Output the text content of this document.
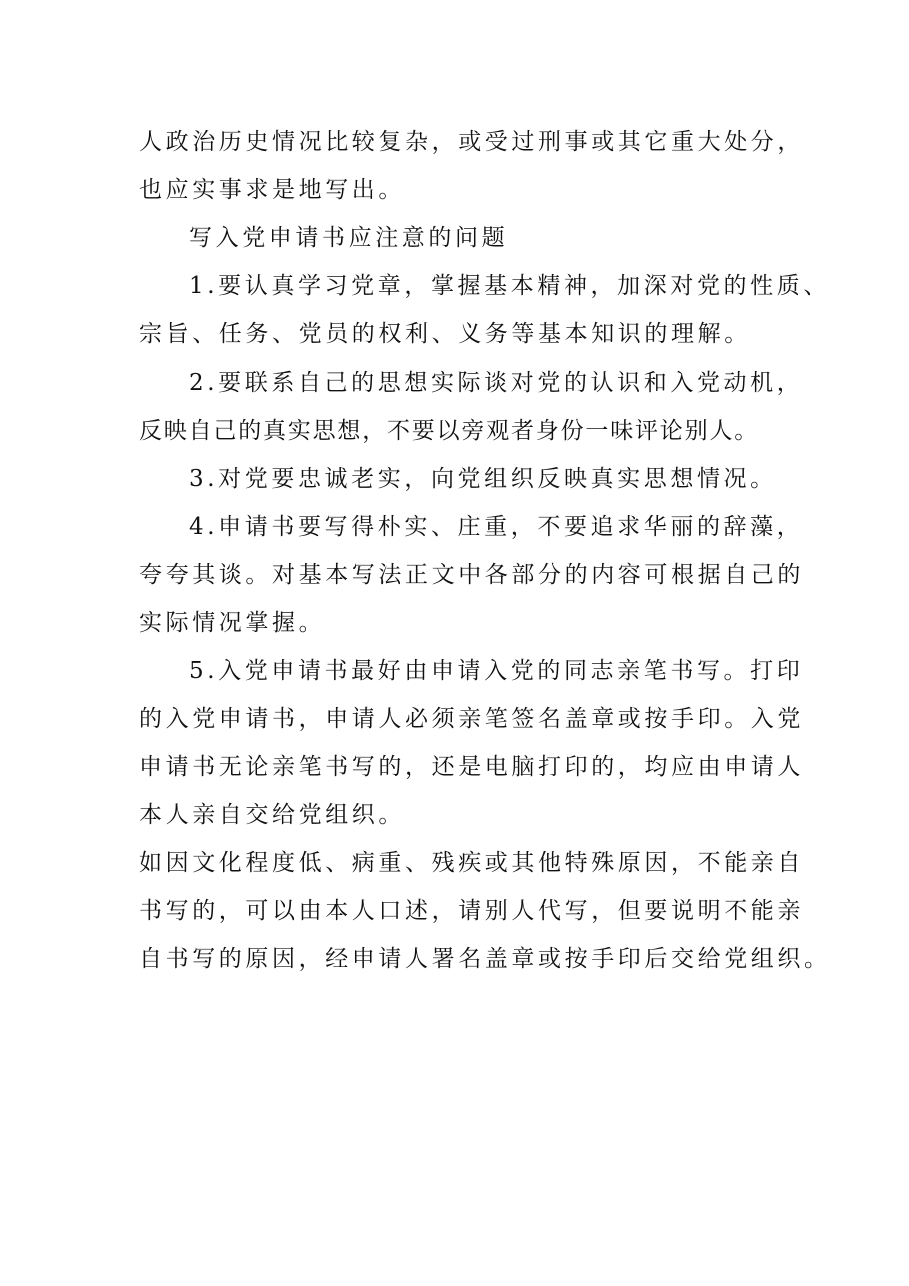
人政治历史情况比较复杂，或受过刑事或其它重大处分，
也应实事求是地写出。
写入党申请书应注意的问题
1.要认真学习党章，掌握基本精神，加深对党的性质、
宗旨、任务、党员的权利、义务等基本知识的理解。
2.要联系自己的思想实际谈对党的认识和入党动机，
反映自己的真实思想，不要以旁观者身份一味评论别人。
3.对党要忠诚老实，向党组织反映真实思想情况。
4.申请书要写得朴实、庄重，不要追求华丽的辞藻，
夸夸其谈。对基本写法正文中各部分的内容可根据自己的
实际情况掌握。
5.入党申请书最好由申请入党的同志亲笔书写。打印
的入党申请书，申请人必须亲笔签名盖章或按手印。入党
申请书无论亲笔书写的，还是电脑打印的，均应由申请人
本人亲自交给党组织。
如因文化程度低、病重、残疾或其他特殊原因，不能亲自
书写的，可以由本人口述，请别人代写，但要说明不能亲
自书写的原因，经申请人署名盖章或按手印后交给党组织。
